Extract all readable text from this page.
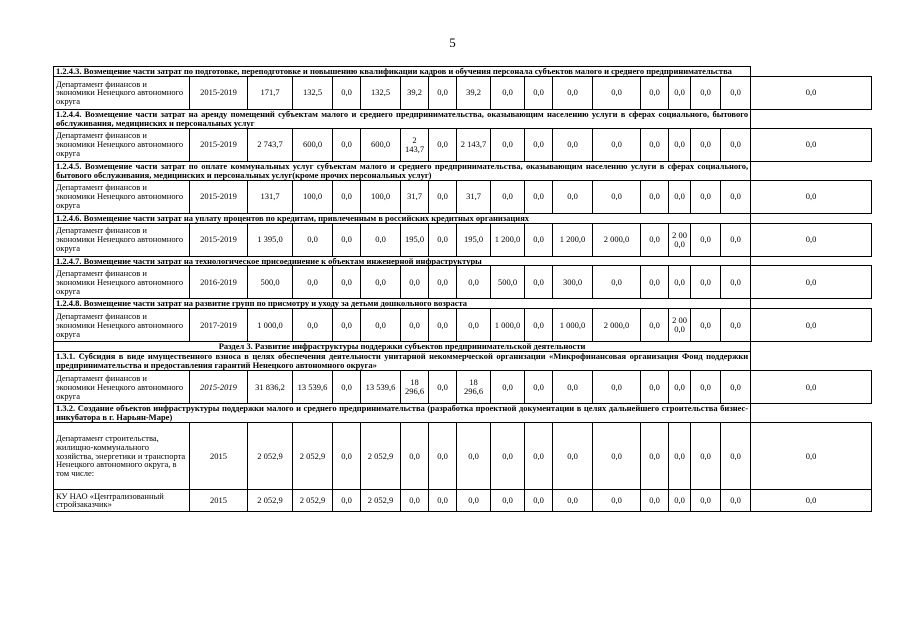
5
1.2.4.3. Возмещение части затрат по подготовке, переподготовке и повышению квалификации кадров и обучения персонала субъектов малого и среднего предпринимательства																	
Департамент финансов и экономики Ненецкого автономного округа	2015-2019	171,7	132,5	0,0	132,5	39,2	0,0	39,2	0,0	0,0	0,0	0,0	0,0	0,0	0,0	0,0	0,0
1.2.4.4. Возмещение части затрат на аренду помещений субъектам малого и среднего предпринимательства, оказывающим населению услуги в сферах социального, бытового обслуживания, медицинских и персональных услуг																	
Департамент финансов и экономики Ненецкого автономного округа	2015-2019	2 743,7	600,0	0,0	600,0	2 143,7	0,0	2 143,7	0,0	0,0	0,0	0,0	0,0	0,0	0,0	0,0	0,0
1.2.4.5. Возмещение части затрат по оплате коммунальных услуг субъектам малого и среднего предпринимательства, оказывающим населению услуги в сферах социального, бытового обслуживания, медицинских и персональных услуг(кроме прочих персональных услуг)																	
Департамент финансов и экономики Ненецкого автономного округа	2015-2019	131,7	100,0	0,0	100,0	31,7	0,0	31,7	0,0	0,0	0,0	0,0	0,0	0,0	0,0	0,0	0,0
1.2.4.6. Возмещение части затрат на уплату процентов по кредитам, привлеченным в российских кредитных организациях																	
Департамент финансов и экономики Ненецкого автономного округа	2015-2019	1 395,0	0,0	0,0	0,0	195,0	0,0	195,0	1 200,0	0,0	1 200,0	2 000,0	0,0	2 00 0,0	0,0	0,0	0,0
1.2.4.7. Возмещение части затрат на технологическое присоединение к объектам инженерной инфраструктуры																	
Департамент финансов и экономики Ненецкого автономного округа	2016-2019	500,0	0,0	0,0	0,0	0,0	0,0	0,0	500,0	0,0	300,0	0,0	0,0	0,0	0,0	0,0	0,0
1.2.4.8. Возмещение части затрат на развитие групп по присмотру и уходу за детьми дошкольного возраста																	
Департамент финансов и экономики Ненецкого автономного округа	2017-2019	1 000,0	0,0	0,0	0,0	0,0	0,0	0,0	1 000,0	0,0	1 000,0	2 000,0	0,0	2 00 0,0	0,0	0,0	0,0
Раздел 3. Развитие инфраструктуры поддержки субъектов предпринимательской деятельности																	
1.3.1. Субсидия в виде имущественного взноса в целях обеспечения деятельности унитарной некоммерческой организации «Микрофинансовая организация Фонд поддержки предпринимательства и предоставления гарантий Ненецкого автономного округа»																	
Департамент финансов и экономики Ненецкого автономного округа	2015-2019	31 836,2	13 539,6	0,0	13 539,6	18 296,6	0,0	18 296,6	0,0	0,0	0,0	0,0	0,0	0,0	0,0	0,0	0,0
1.3.2. Создание объектов инфраструктуры поддержки малого и среднего предпринимательства (разработка проектной документации в целях дальнейшего строительства бизнес-инкубатора в г. Нарьян-Маре)																	
Департамент строительства, жилищно-коммунального хозяйства, энергетики и транспорта Ненецкого автономного округа, в том числе:	2015	2 052,9	2 052,9	0,0	2 052,9	0,0	0,0	0,0	0,0	0,0	0,0	0,0	0,0	0,0	0,0	0,0	0,0
КУ НАО «Централизованный стройзаказчик»	2015	2 052,9	2 052,9	0,0	2 052,9	0,0	0,0	0,0	0,0	0,0	0,0	0,0	0,0	0,0	0,0	0,0	0,0
